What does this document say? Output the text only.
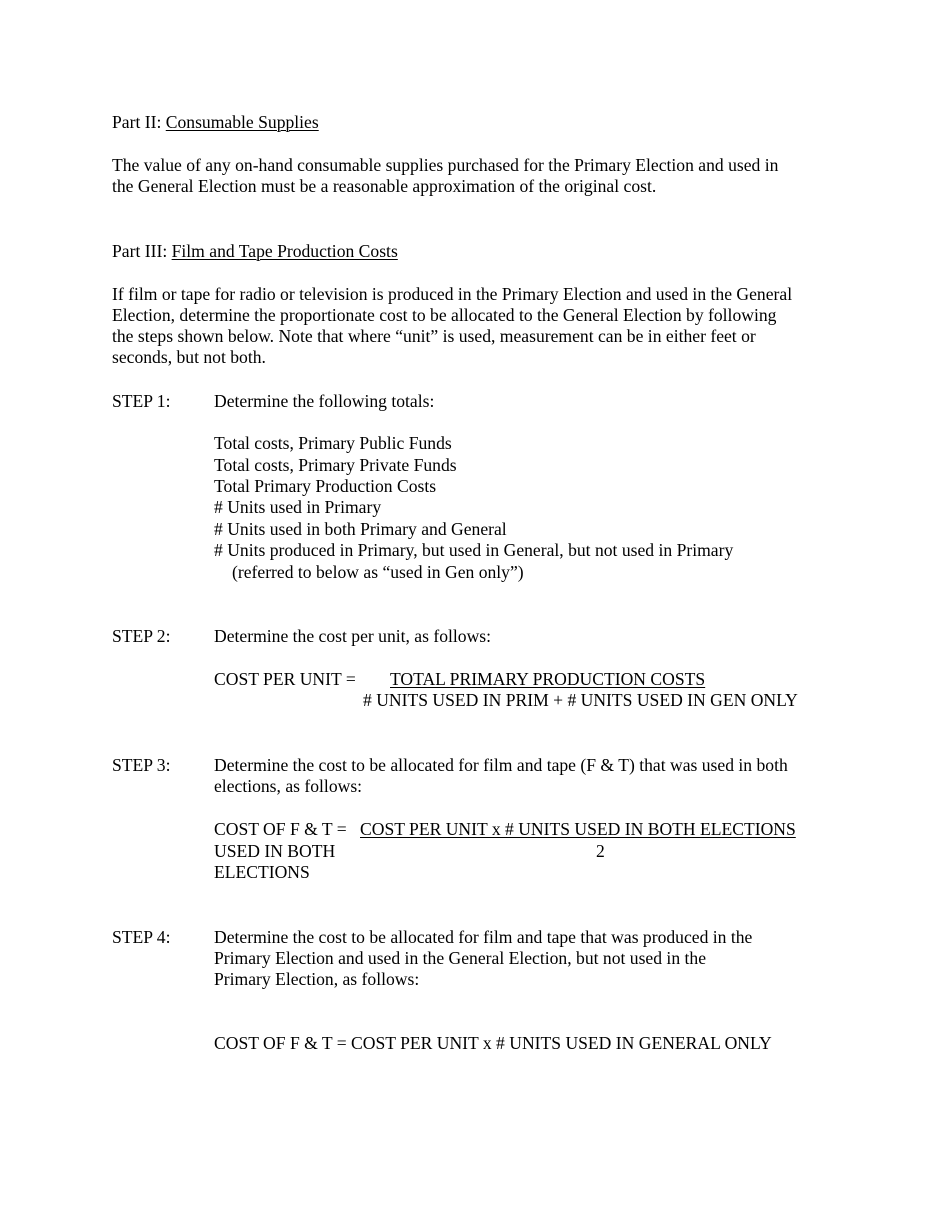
Part II: Consumable Supplies
The value of any on-hand consumable supplies purchased for the Primary Election and used in
the General Election must be a reasonable approximation of the original cost.
Part III: Film and Tape Production Costs
If film or tape for radio or television is produced in the Primary Election and used in the General
Election, determine the proportionate cost to be allocated to the General Election by following
the steps shown below. Note that where “unit” is used, measurement can be in either feet or
seconds, but not both.
STEP 1: Determine the following totals:
Total costs, Primary Public Funds
Total costs, Primary Private Funds
Total Primary Production Costs
# Units used in Primary
# Units used in both Primary and General
# Units produced in Primary, but used in General, but not used in Primary
(referred to below as “used in Gen only”)
STEP 2: Determine the cost per unit, as follows:
COST PER UNIT = TOTAL PRIMARY PRODUCTION COSTS
# UNITS USED IN PRIM + # UNITS USED IN GEN ONLY
STEP 3: Determine the cost to be allocated for film and tape (F & T) that was used in both
elections, as follows:
COST OF F & T = COST PER UNIT x # UNITS USED IN BOTH ELECTIONS
USED IN BOTH	2
ELECTIONS
STEP 4: Determine the cost to be allocated for film and tape that was produced in the
Primary Election and used in the General Election, but not used in the
Primary Election, as follows:
COST OF F & T = COST PER UNIT x # UNITS USED IN GENERAL ONLY
